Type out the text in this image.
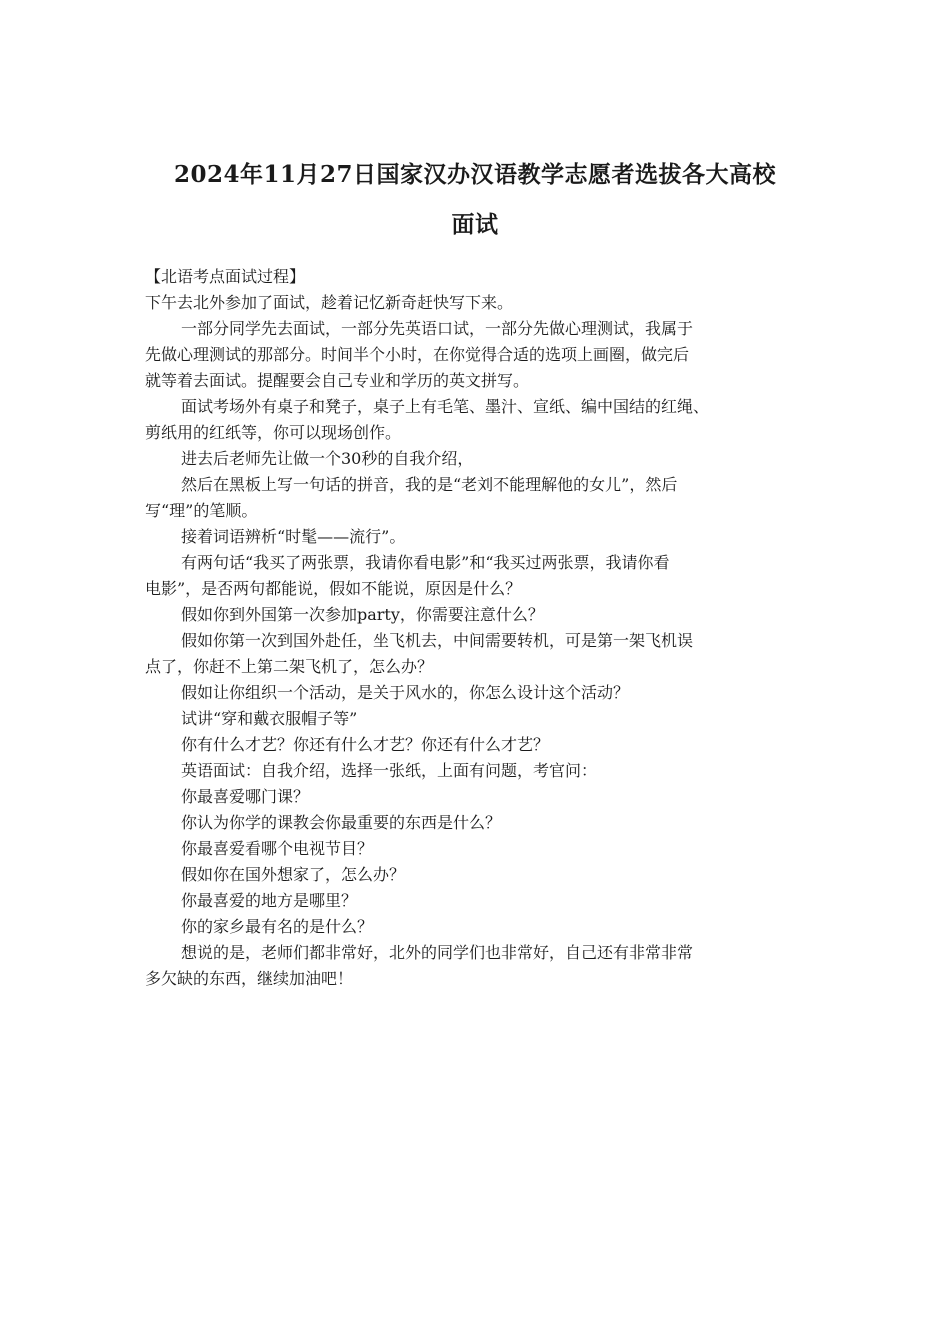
2024年11月27日国家汉办汉语教学志愿者选拔各大高校
面试

【北语考点面试过程】

下午去北外参加了面试，趁着记忆新奇赶快写下来。

一部分同学先去面试，一部分先英语口试，一部分先做心理测试，我属于

先做心理测试的那部分。时间半个小时，在你觉得合适的选项上画圈，做完后

就等着去面试。提醒要会自己专业和学历的英文拼写。

面试考场外有桌子和凳子，桌子上有毛笔、墨汁、宣纸、编中国结的红绳、

剪纸用的红纸等，你可以现场创作。

进去后老师先让做一个30秒的自我介绍，

然后在黑板上写一句话的拼音，我的是“老刘不能理解他的女儿”，然后

写“理”的笔顺。

接着词语辨析“时髦——流行”。

有两句话“我买了两张票，我请你看电影”和“我买过两张票，我请你看

电影”，是否两句都能说，假如不能说，原因是什么？

假如你到外国第一次参加party，你需要注意什么？

假如你第一次到国外赴任，坐飞机去，中间需要转机，可是第一架飞机误

点了，你赶不上第二架飞机了，怎么办？

假如让你组织一个活动，是关于风水的，你怎么设计这个活动？

试讲“穿和戴衣服帽子等”

你有什么才艺？你还有什么才艺？你还有什么才艺？

英语面试：自我介绍，选择一张纸，上面有问题，考官问：

你最喜爱哪门课？

你认为你学的课教会你最重要的东西是什么？

你最喜爱看哪个电视节目？

假如你在国外想家了，怎么办？

你最喜爱的地方是哪里？

你的家乡最有名的是什么？

想说的是，老师们都非常好，北外的同学们也非常好，自己还有非常非常

多欠缺的东西，继续加油吧！
